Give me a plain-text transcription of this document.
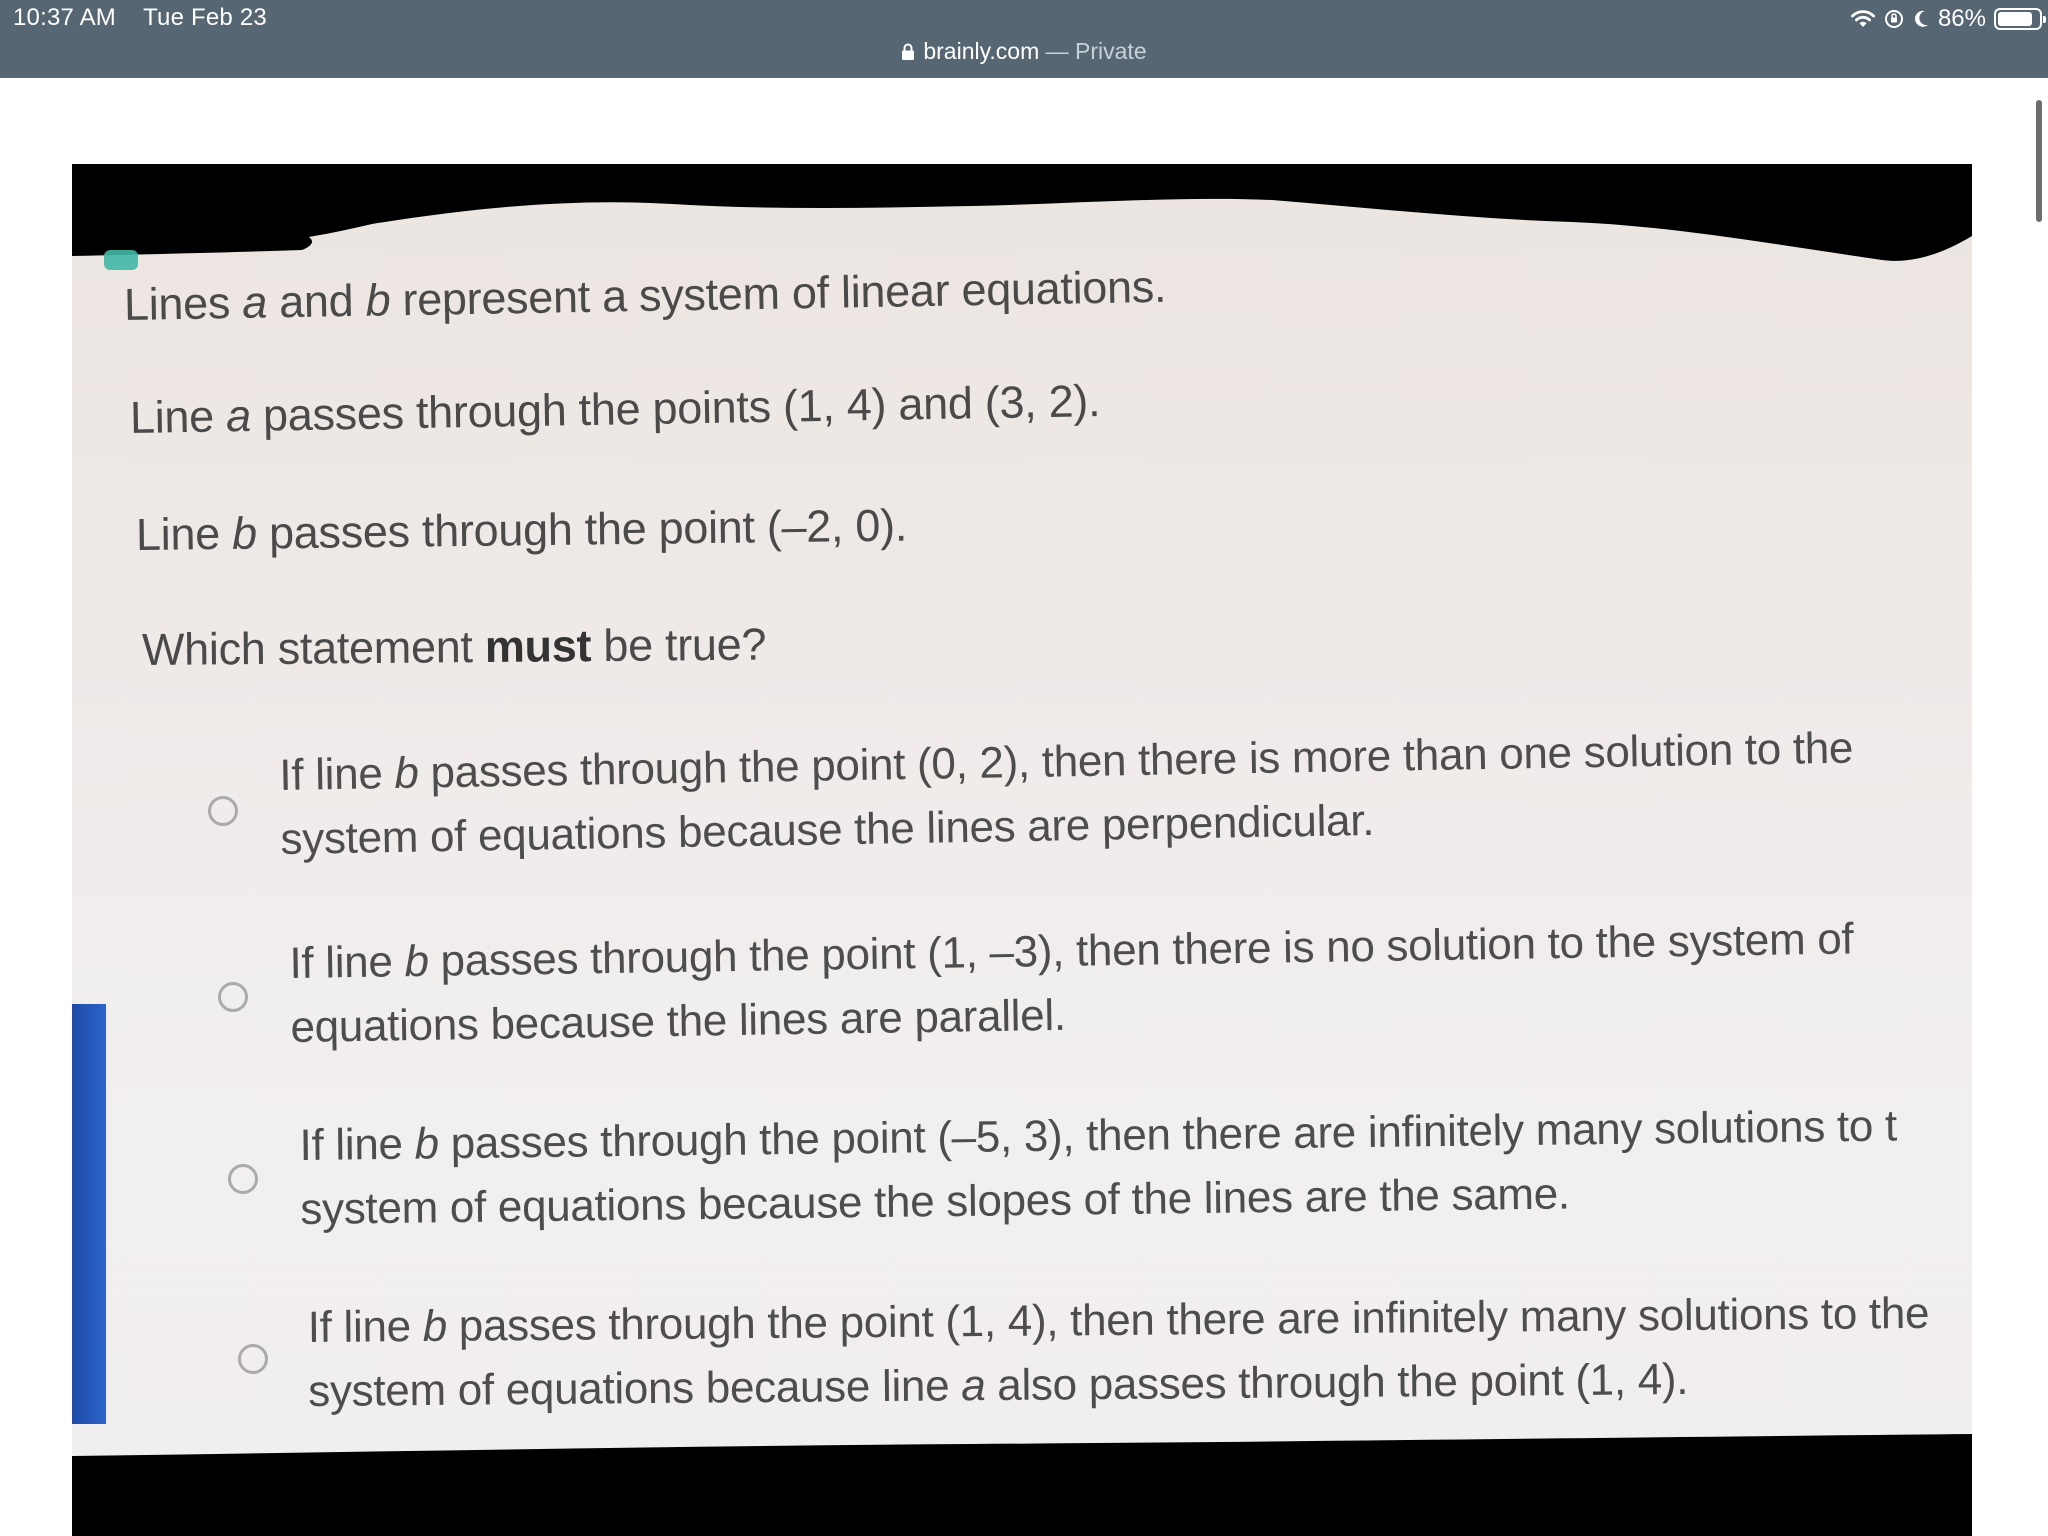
10:37 AM Tue Feb 23	86%
brainly.com — Private

Lines a and b represent a system of linear equations.

Line a passes through the points (1, 4) and (3, 2).

Line b passes through the point (–2, 0).

Which statement must be true?

If line b passes through the point (0, 2), then there is more than one solution to the
system of equations because the lines are perpendicular.
If line b passes through the point (1, –3), then there is no solution to the system of
equations because the lines are parallel.
If line b passes through the point (–5, 3), then there are infinitely many solutions to t
system of equations because the slopes of the lines are the same.
If line b passes through the point (1, 4), then there are infinitely many solutions to the
system of equations because line a also passes through the point (1, 4).
